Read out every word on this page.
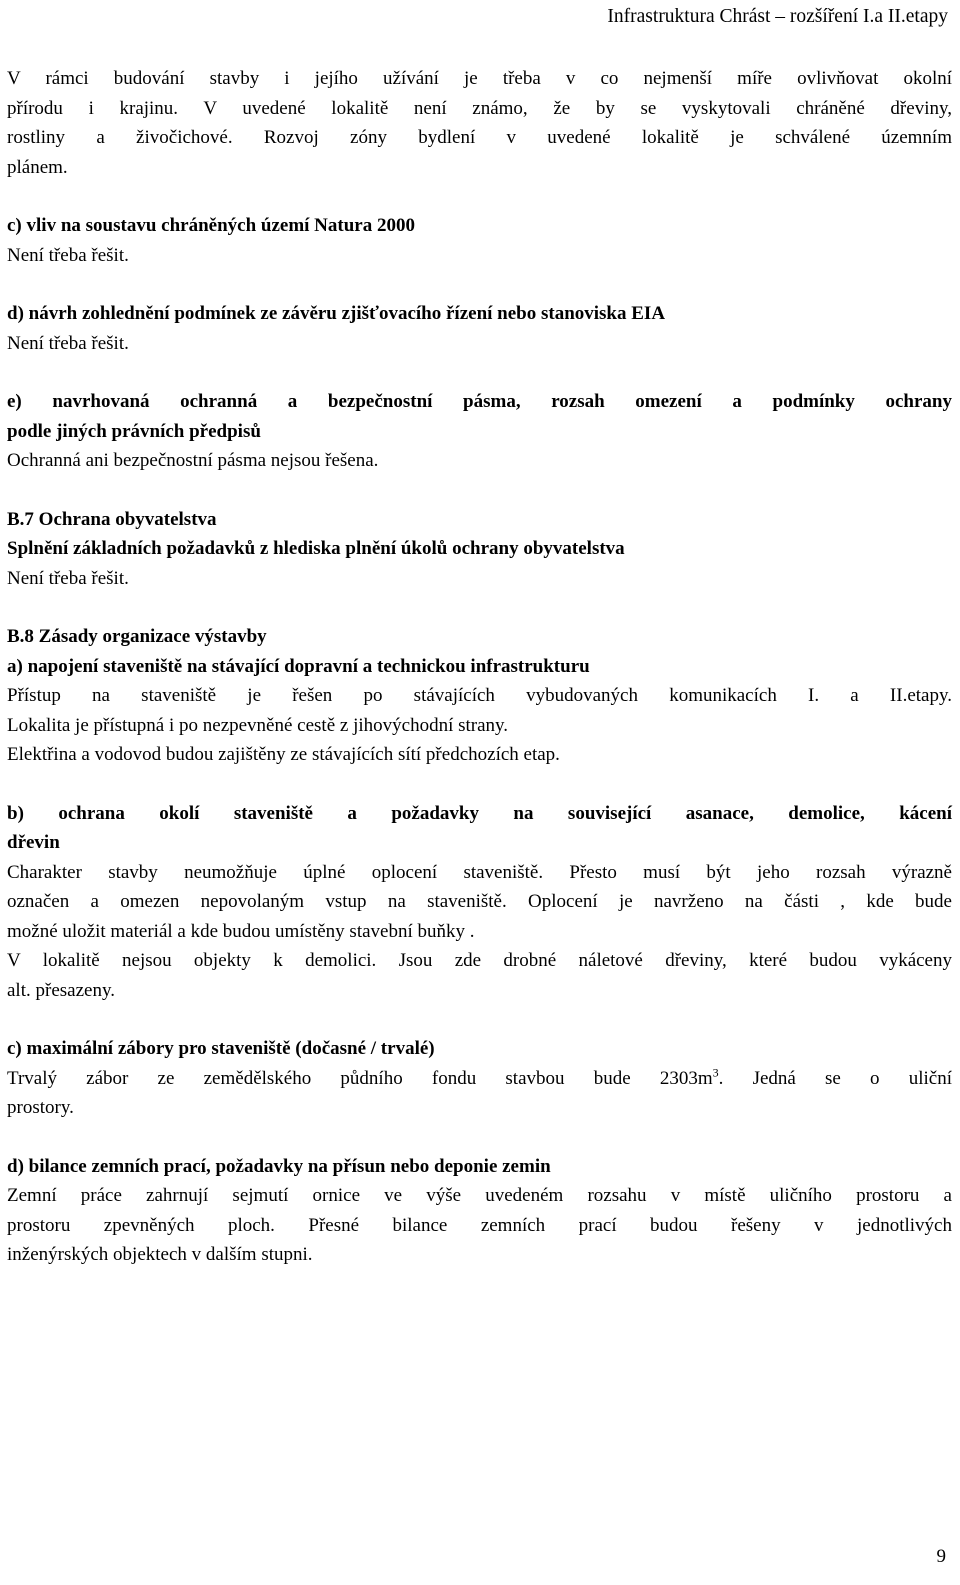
Infrastruktura Chrást – rozšíření I.a II.etapy

V rámci budování stavby i jejího užívání je třeba v co nejmenší míře ovlivňovat okolní

přírodu i krajinu. V uvedené lokalitě není známo, že by se vyskytovali chráněné dřeviny,

rostliny a živočichové. Rozvoj zóny bydlení v uvedené lokalitě je schválené územním

plánem.

c) vliv na soustavu chráněných území Natura 2000

Není třeba řešit.

d) návrh zohlednění podmínek ze závěru zjišťovacího řízení nebo stanoviska EIA

Není třeba řešit.

e) navrhovaná ochranná a bezpečnostní pásma, rozsah omezení a podmínky ochrany

podle jiných právních předpisů

Ochranná ani bezpečnostní pásma nejsou řešena.

B.7 Ochrana obyvatelstva

Splnění základních požadavků z hlediska plnění úkolů ochrany obyvatelstva

Není třeba řešit.

B.8 Zásady organizace výstavby

a) napojení staveniště na stávající dopravní a technickou infrastrukturu

Přístup na staveniště je řešen po stávajících vybudovaných komunikacích I. a II.etapy.

Lokalita je přístupná i po nezpevněné cestě z jihovýchodní strany.

Elektřina a vodovod budou zajištěny ze stávajících sítí předchozích etap.

b) ochrana okolí staveniště a požadavky na související asanace, demolice, kácení

dřevin

Charakter stavby neumožňuje úplné oplocení staveniště. Přesto musí být jeho rozsah výrazně

označen a omezen nepovolaným vstup na staveniště. Oplocení je navrženo na části , kde bude

možné uložit materiál a kde budou umístěny stavební buňky .

V lokalitě nejsou objekty k demolici. Jsou zde drobné náletové dřeviny, které budou vykáceny

alt. přesazeny.

c) maximální zábory pro staveniště (dočasné / trvalé)

Trvalý zábor ze zemědělského půdního fondu stavbou bude $2303m^3$. Jedná se o uliční

prostory.

d) bilance zemních prací, požadavky na přísun nebo deponie zemin

Zemní práce zahrnují sejmutí ornice ve výše uvedeném rozsahu v místě uličního prostoru a

prostoru zpevněných ploch. Přesné bilance zemních prací budou řešeny v jednotlivých

inženýrských objektech v dalším stupni.

9
